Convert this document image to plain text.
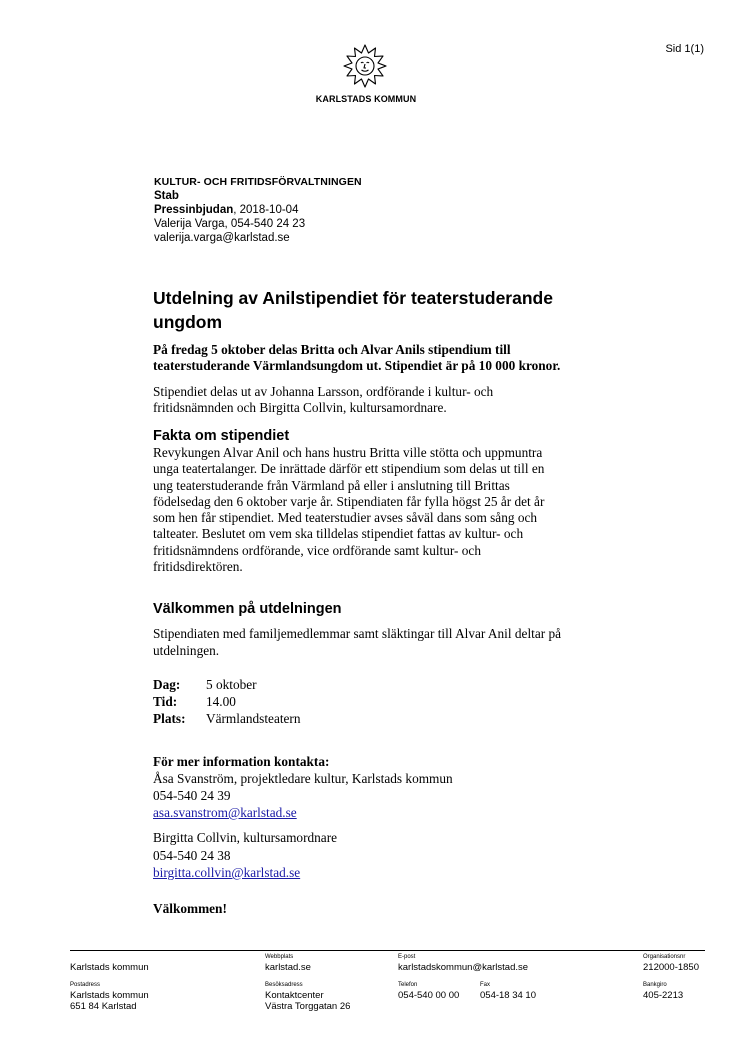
Sid 1(1)
KARLSTADS KOMMUN
KULTUR- OCH FRITIDSFÖRVALTNINGEN
Stab
Pressinbjudan, 2018-10-04
Valerija Varga, 054-540 24 23
valerija.varga@karlstad.se
Utdelning av Anilstipendiet för teaterstuderande
ungdom
På fredag 5 oktober delas Britta och Alvar Anils stipendium till
teaterstuderande Värmlandsungdom ut. Stipendiet är på 10 000 kronor.
Stipendiet delas ut av Johanna Larsson, ordförande i kultur- och
fritidsnämnden och Birgitta Collvin, kultursamordnare.
Fakta om stipendiet
Revykungen Alvar Anil och hans hustru Britta ville stötta och uppmuntra
unga teatertalanger. De inrättade därför ett stipendium som delas ut till en
ung teaterstuderande från Värmland på eller i anslutning till Brittas
födelsedag den 6 oktober varje år. Stipendiaten får fylla högst 25 år det år
som hen får stipendiet. Med teaterstudier avses såväl dans som sång och
talteater. Beslutet om vem ska tilldelas stipendiet fattas av kultur- och
fritidsnämndens ordförande, vice ordförande samt kultur- och
fritidsdirektören.
Välkommen på utdelningen
Stipendiaten med familjemedlemmar samt släktingar till Alvar Anil deltar på
utdelningen.
Dag: 5 oktober
Tid: 14.00
Plats: Värmlandsteatern
För mer information kontakta:
Åsa Svanström, projektledare kultur, Karlstads kommun
054-540 24 39
asa.svanstrom@karlstad.se
Birgitta Collvin, kultursamordnare
054-540 24 38
birgitta.collvin@karlstad.se
Välkommen!
Karlstads kommun
Webbplats
karlstad.se
E-post
karlstadskommun@karlstad.se
Organisationsnr
212000-1850
Postadress
Karlstads kommun
651 84 Karlstad
Besöksadress
Kontaktcenter
Västra Torggatan 26
Telefon
054-540 00 00
Fax
054-18 34 10
Bankgiro
405-2213
